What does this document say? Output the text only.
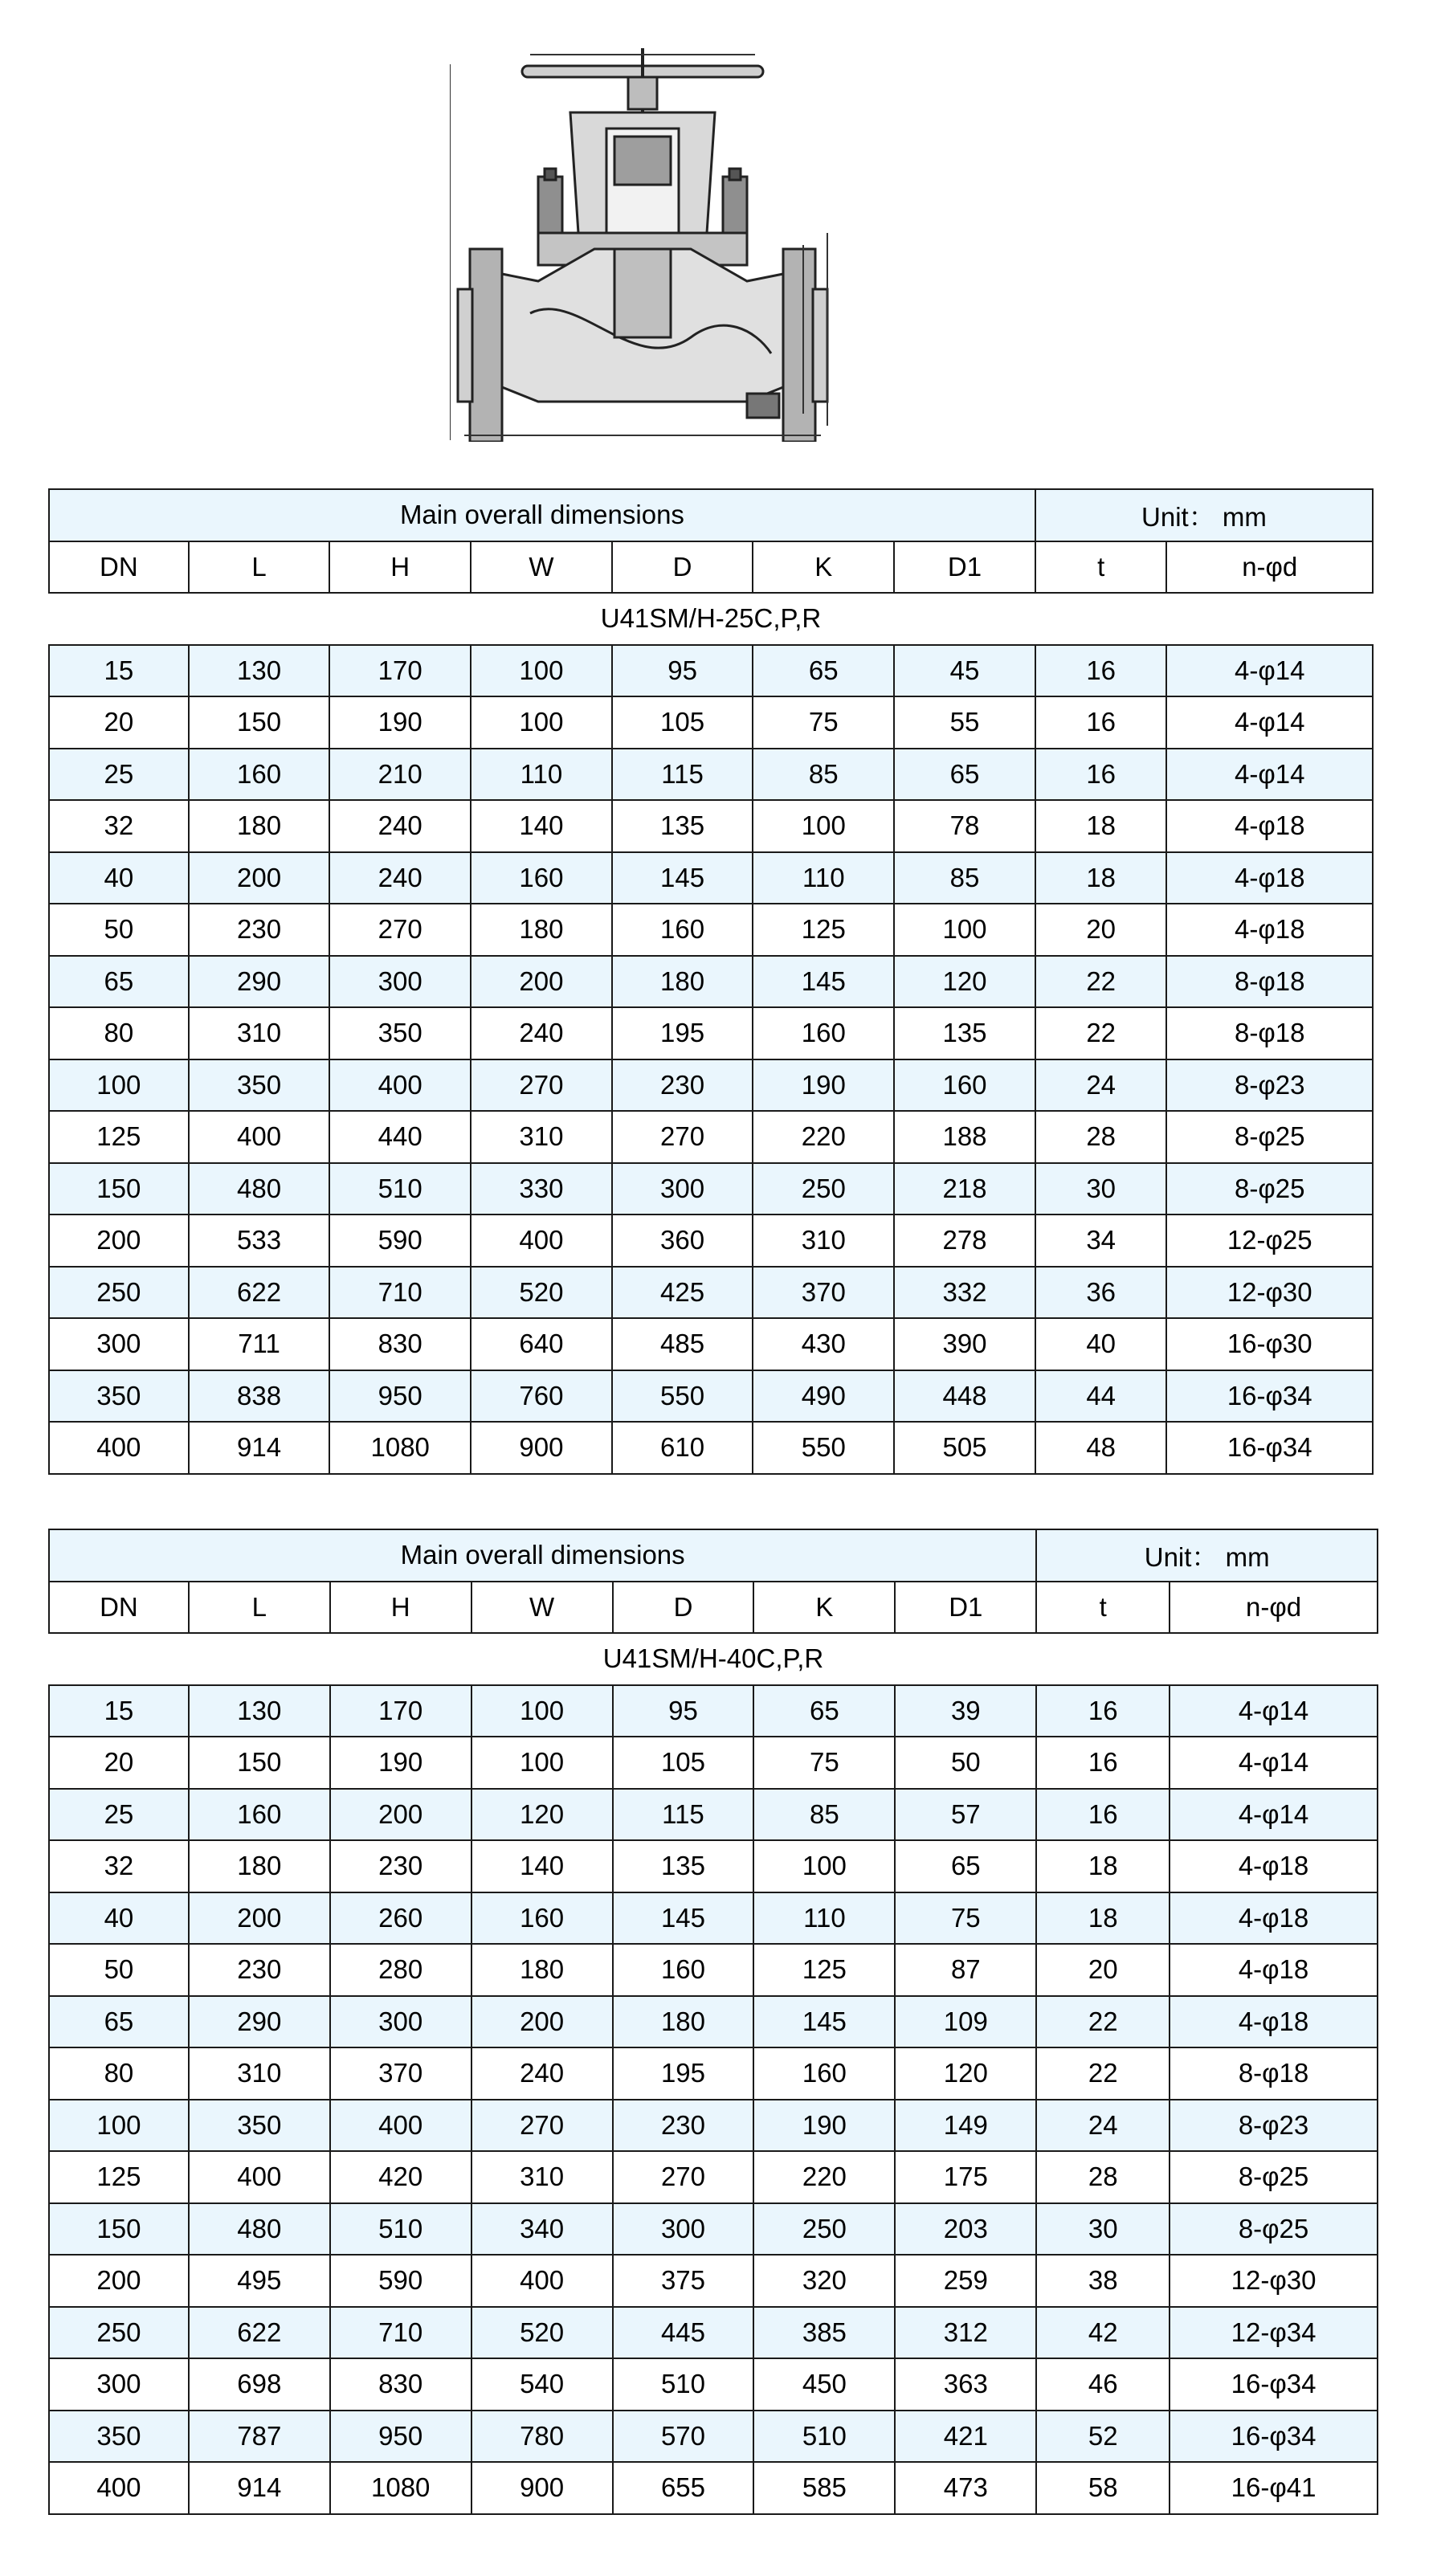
Main overall dimensions							Unit： mm	
DN	L	H	W	D	K	D1	t	n-φd
U41SM/H-25C,P,R								
15	130	170	100	95	65	45	16	4-φ14
20	150	190	100	105	75	55	16	4-φ14
25	160	210	110	115	85	65	16	4-φ14
32	180	240	140	135	100	78	18	4-φ18
40	200	240	160	145	110	85	18	4-φ18
50	230	270	180	160	125	100	20	4-φ18
65	290	300	200	180	145	120	22	8-φ18
80	310	350	240	195	160	135	22	8-φ18
100	350	400	270	230	190	160	24	8-φ23
125	400	440	310	270	220	188	28	8-φ25
150	480	510	330	300	250	218	30	8-φ25
200	533	590	400	360	310	278	34	12-φ25
250	622	710	520	425	370	332	36	12-φ30
300	711	830	640	485	430	390	40	16-φ30
350	838	950	760	550	490	448	44	16-φ34
400	914	1080	900	610	550	505	48	16-φ34
Main overall dimensions							Unit： mm	
DN	L	H	W	D	K	D1	t	n-φd
U41SM/H-40C,P,R								
15	130	170	100	95	65	39	16	4-φ14
20	150	190	100	105	75	50	16	4-φ14
25	160	200	120	115	85	57	16	4-φ14
32	180	230	140	135	100	65	18	4-φ18
40	200	260	160	145	110	75	18	4-φ18
50	230	280	180	160	125	87	20	4-φ18
65	290	300	200	180	145	109	22	4-φ18
80	310	370	240	195	160	120	22	8-φ18
100	350	400	270	230	190	149	24	8-φ23
125	400	420	310	270	220	175	28	8-φ25
150	480	510	340	300	250	203	30	8-φ25
200	495	590	400	375	320	259	38	12-φ30
250	622	710	520	445	385	312	42	12-φ34
300	698	830	540	510	450	363	46	16-φ34
350	787	950	780	570	510	421	52	16-φ34
400	914	1080	900	655	585	473	58	16-φ41
